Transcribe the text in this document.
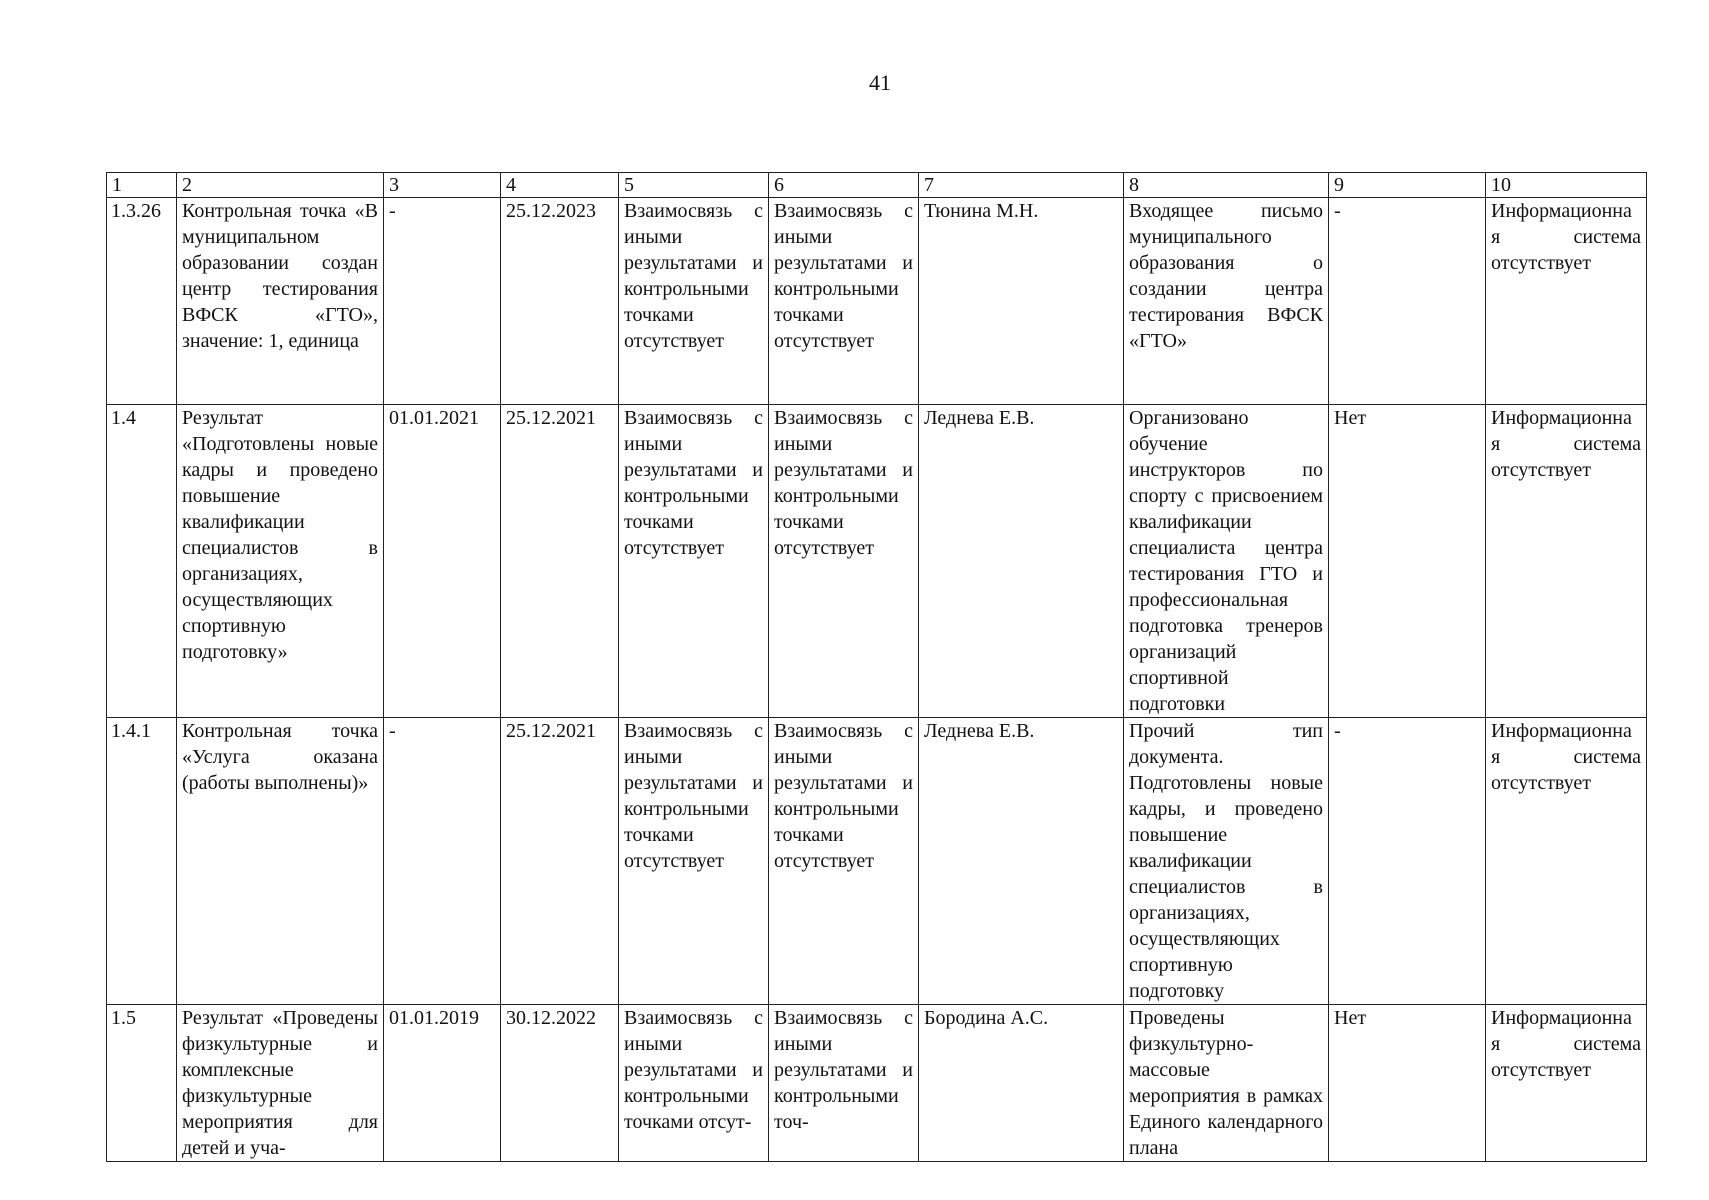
41
1	2	3	4	5	6	7	8	9	10
1.3.26	Контрольная точка «В муниципальном образовании создан центр тестирования ВФСК «ГТО», значение: 1, единица	-	25.12.2023	Взаимосвязь с иными результатами и контрольными точками отсутствует	Взаимосвязь с иными результатами и контрольными точками отсутствует	Тюнина М.Н.	Входящее письмо муниципального образования о создании центра тестирования ВФСК «ГТО»	-	Информационная система отсутствует
1.4	Результат «Подготовлены новые кадры и проведено повышение квалификации специалистов в организациях, осуществляющих спортивную подготовку»	01.01.2021	25.12.2021	Взаимосвязь с иными результатами и контрольными точками отсутствует	Взаимосвязь с иными результатами и контрольными точками отсутствует	Леднева Е.В.	Организовано обучение инструкторов по спорту с присвоением квалификации специалиста центра тестирования ГТО и профессиональная подготовка тренеров организаций спортивной подготовки	Нет	Информационная система отсутствует
1.4.1	Контрольная точка «Услуга оказана (работы выполнены)»	-	25.12.2021	Взаимосвязь с иными результатами и контрольными точками отсутствует	Взаимосвязь с иными результатами и контрольными точками отсутствует	Леднева Е.В.	Прочий тип документа. Подготовлены новые кадры, и проведено повышение квалификации специалистов в организациях, осуществляющих спортивную подготовку	-	Информационная система отсутствует
1.5	Результат «Проведены физкультурные и комплексные физкультурные мероприятия для детей и уча-	01.01.2019	30.12.2022	Взаимосвязь с иными результатами и контрольными точками отсут-	Взаимосвязь с иными результатами и контрольными точ-	Бородина А.С.	Проведены физкультурно-массовые мероприятия в рамках Единого календарного плана	Нет	Информационная система отсутствует
